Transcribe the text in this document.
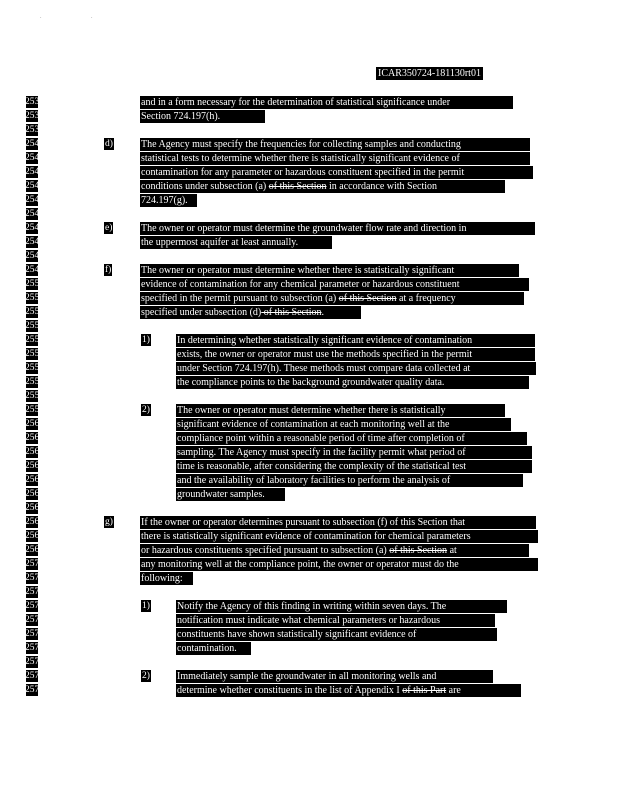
. .
ICAR350724-181130rt01
2537
2538
2539
2540
2541
2542
2543
2544
2545
2546
2547
2548
2549
2550
2551
2552
2553
2554
2555
2556
2557
2558
2559
2560
2561
2562
2563
2564
2565
2566
2567
2568
2569
2570
2571
2572
2573
2574
2575
2576
2577
2578
2579
d)
e)
f)
1)
2)
g)
1)
2)
and in a form necessary for the determination of statistical significance under
Section 724.197(h).
The Agency must specify the frequencies for collecting samples and conducting
statistical tests to determine whether there is statistically significant evidence of
contamination for any parameter or hazardous constituent specified in the permit
conditions under subsection (a) of this Section in accordance with Section
724.197(g).
The owner or operator must determine the groundwater flow rate and direction in
the uppermost aquifer at least annually.
The owner or operator must determine whether there is statistically significant
evidence of contamination for any chemical parameter or hazardous constituent
specified in the permit pursuant to subsection (a) of this Section at a frequency
specified under subsection (d) of this Section.
In determining whether statistically significant evidence of contamination
exists, the owner or operator must use the methods specified in the permit
under Section 724.197(h). These methods must compare data collected at
the compliance points to the background groundwater quality data.
The owner or operator must determine whether there is statistically
significant evidence of contamination at each monitoring well at the
compliance point within a reasonable period of time after completion of
sampling. The Agency must specify in the facility permit what period of
time is reasonable, after considering the complexity of the statistical test
and the availability of laboratory facilities to perform the analysis of
groundwater samples.
If the owner or operator determines pursuant to subsection (f) of this Section that
there is statistically significant evidence of contamination for chemical parameters
or hazardous constituents specified pursuant to subsection (a) of this Section at
any monitoring well at the compliance point, the owner or operator must do the
following:
Notify the Agency of this finding in writing within seven days. The
notification must indicate what chemical parameters or hazardous
constituents have shown statistically significant evidence of
contamination.
Immediately sample the groundwater in all monitoring wells and
determine whether constituents in the list of Appendix I of this Part are
